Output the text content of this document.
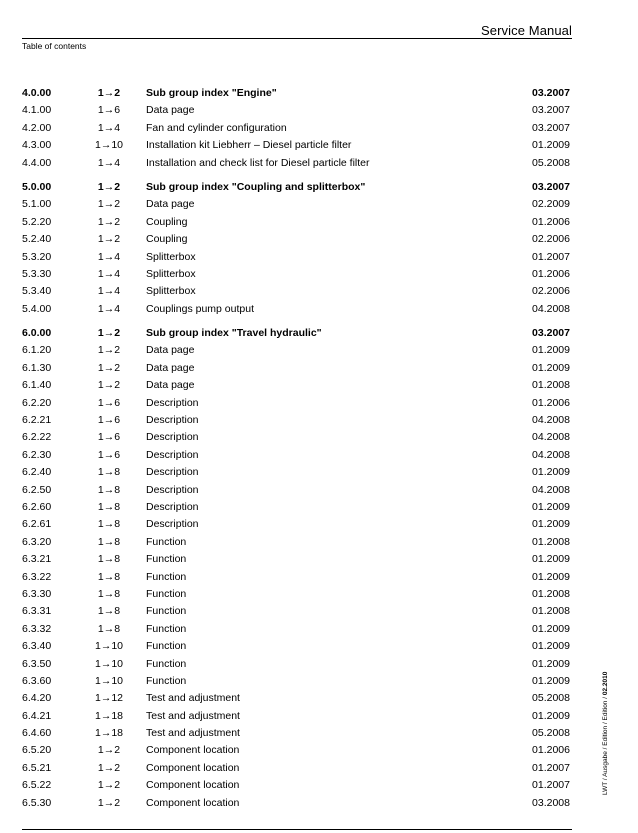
Service Manual
Table of contents
4.0.00	1→2	Sub group index "Engine"	03.2007
4.1.00	1→6	Data page	03.2007
4.2.00	1→4	Fan and cylinder configuration	03.2007
4.3.00	1→10	Installation kit Liebherr – Diesel particle filter	01.2009
4.4.00	1→4	Installation and check list for Diesel particle filter	05.2008
5.0.00	1→2	Sub group index "Coupling and splitterbox"	03.2007
5.1.00	1→2	Data page	02.2009
5.2.20	1→2	Coupling	01.2006
5.2.40	1→2	Coupling	02.2006
5.3.20	1→4	Splitterbox	01.2007
5.3.30	1→4	Splitterbox	01.2006
5.3.40	1→4	Splitterbox	02.2006
5.4.00	1→4	Couplings pump output	04.2008
6.0.00	1→2	Sub group index "Travel hydraulic"	03.2007
6.1.20	1→2	Data page	01.2009
6.1.30	1→2	Data page	01.2009
6.1.40	1→2	Data page	01.2008
6.2.20	1→6	Description	01.2006
6.2.21	1→6	Description	04.2008
6.2.22	1→6	Description	04.2008
6.2.30	1→6	Description	04.2008
6.2.40	1→8	Description	01.2009
6.2.50	1→8	Description	04.2008
6.2.60	1→8	Description	01.2009
6.2.61	1→8	Description	01.2009
6.3.20	1→8	Function	01.2008
6.3.21	1→8	Function	01.2009
6.3.22	1→8	Function	01.2009
6.3.30	1→8	Function	01.2008
6.3.31	1→8	Function	01.2008
6.3.32	1→8	Function	01.2009
6.3.40	1→10	Function	01.2009
6.3.50	1→10	Function	01.2009
6.3.60	1→10	Function	01.2009
6.4.20	1→12	Test and adjustment	05.2008
6.4.21	1→18	Test and adjustment	01.2009
6.4.60	1→18	Test and adjustment	05.2008
6.5.20	1→2	Component location	01.2006
6.5.21	1→2	Component location	01.2007
6.5.22	1→2	Component location	01.2007
6.5.30	1→2	Component location	03.2008
LWT / Ausgabe / Edition / Edition / 02.2010
